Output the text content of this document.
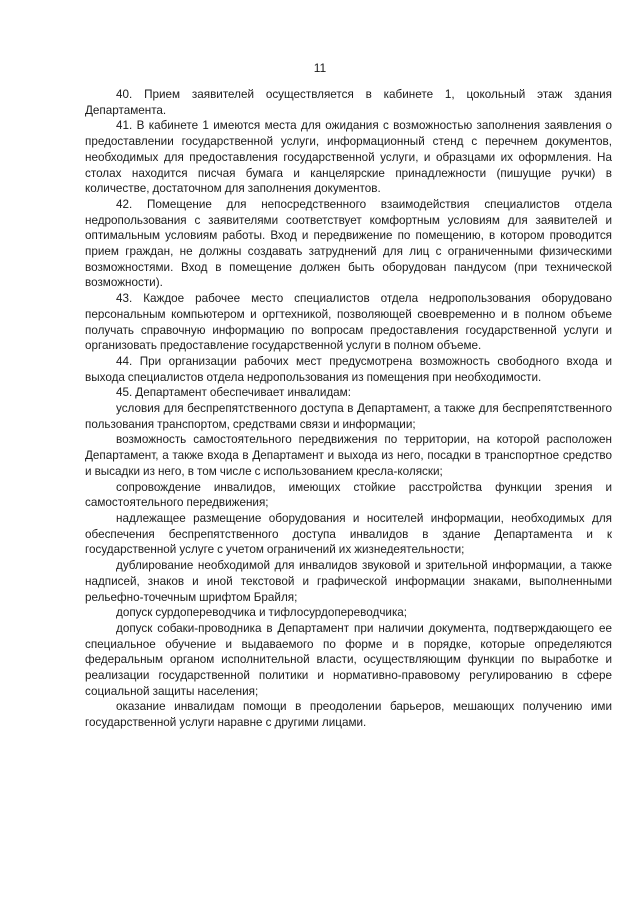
11

40. Прием заявителей осуществляется в кабинете 1, цокольный этаж здания Департамента.

41. В кабинете 1 имеются места для ожидания с возможностью заполнения заявления о предоставлении государственной услуги, информационный стенд с перечнем документов, необходимых для предоставления государственной услуги, и образцами их оформления. На столах находится писчая бумага и канцелярские принадлежности (пишущие ручки) в количестве, достаточном для заполнения документов.

42. Помещение для непосредственного взаимодействия специалистов отдела недропользования с заявителями соответствует комфортным условиям для заявителей и оптимальным условиям работы. Вход и передвижение по помещению, в котором проводится прием граждан, не должны создавать затруднений для лиц с ограниченными физическими возможностями. Вход в помещение должен быть оборудован пандусом (при технической возможности).

43. Каждое рабочее место специалистов отдела недропользования оборудовано персональным компьютером и оргтехникой, позволяющей своевременно и в полном объеме получать справочную информацию по вопросам предоставления государственной услуги и организовать предоставление государственной услуги в полном объеме.

44. При организации рабочих мест предусмотрена возможность свободного входа и выхода специалистов отдела недропользования из помещения при необходимости.

45. Департамент обеспечивает инвалидам:

условия для беспрепятственного доступа в Департамент, а также для беспрепятственного пользования транспортом, средствами связи и информации;

возможность самостоятельного передвижения по территории, на которой расположен Департамент, а также входа в Департамент и выхода из него, посадки в транспортное средство и высадки из него, в том числе с использованием кресла-коляски;

сопровождение инвалидов, имеющих стойкие расстройства функции зрения и самостоятельного передвижения;

надлежащее размещение оборудования и носителей информации, необходимых для обеспечения беспрепятственного доступа инвалидов в здание Департамента и к государственной услуге с учетом ограничений их жизнедеятельности;

дублирование необходимой для инвалидов звуковой и зрительной информации, а также надписей, знаков и иной текстовой и графической информации знаками, выполненными рельефно-точечным шрифтом Брайля;

допуск сурдопереводчика и тифлосурдопереводчика;

допуск собаки-проводника в Департамент при наличии документа, подтверждающего ее специальное обучение и выдаваемого по форме и в порядке, которые определяются федеральным органом исполнительной власти, осуществляющим функции по выработке и реализации государственной политики и нормативно-правовому регулированию в сфере социальной защиты населения;

оказание инвалидам помощи в преодолении барьеров, мешающих получению ими государственной услуги наравне с другими лицами.
